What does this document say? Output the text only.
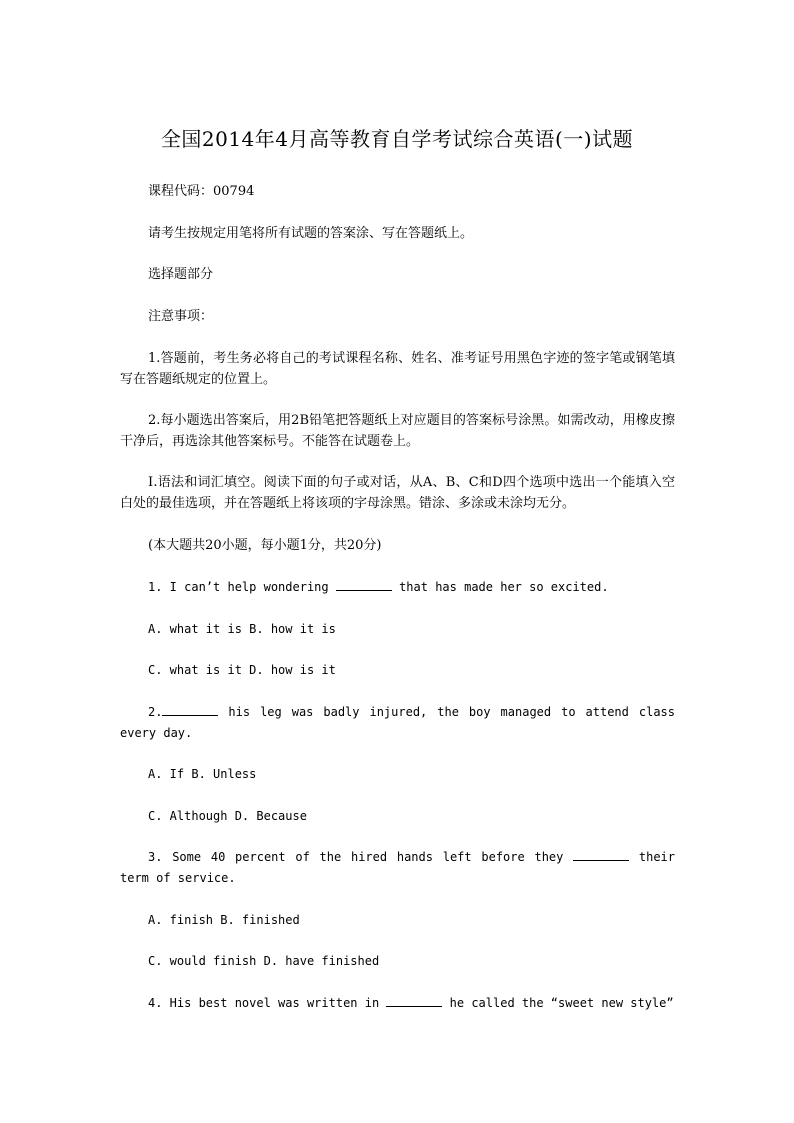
全国2014年4月高等教育自学考试综合英语(一)试题

课程代码：00794

请考生按规定用笔将所有试题的答案涂、写在答题纸上。

选择题部分

注意事项：

1.答题前，考生务必将自己的考试课程名称、姓名、准考证号用黑色字迹的签字笔或钢笔填写在答题纸规定的位置上。

2.每小题选出答案后，用2B铅笔把答题纸上对应题目的答案标号涂黑。如需改动，用橡皮擦干净后，再选涂其他答案标号。不能答在试题卷上。

Ⅰ.语法和词汇填空。阅读下面的句子或对话，从A、B、C和D四个选项中选出一个能填入空白处的最佳选项，并在答题纸上将该项的字母涂黑。错涂、多涂或未涂均无分。

(本大题共20小题，每小题1分，共20分)

1. I can’t help wondering	that has made her so excited.

A. what it is B. how it is

C. what is it D. how is it

2.	his leg was badly injured, the boy managed to attend class every day.

A. If B. Unless

C. Although D. Because

3. Some 40 percent of the hired hands left before they	their term of service.

A. finish B. finished

C. would finish D. have finished

4. His best novel was written in	he called the “sweet new style”
